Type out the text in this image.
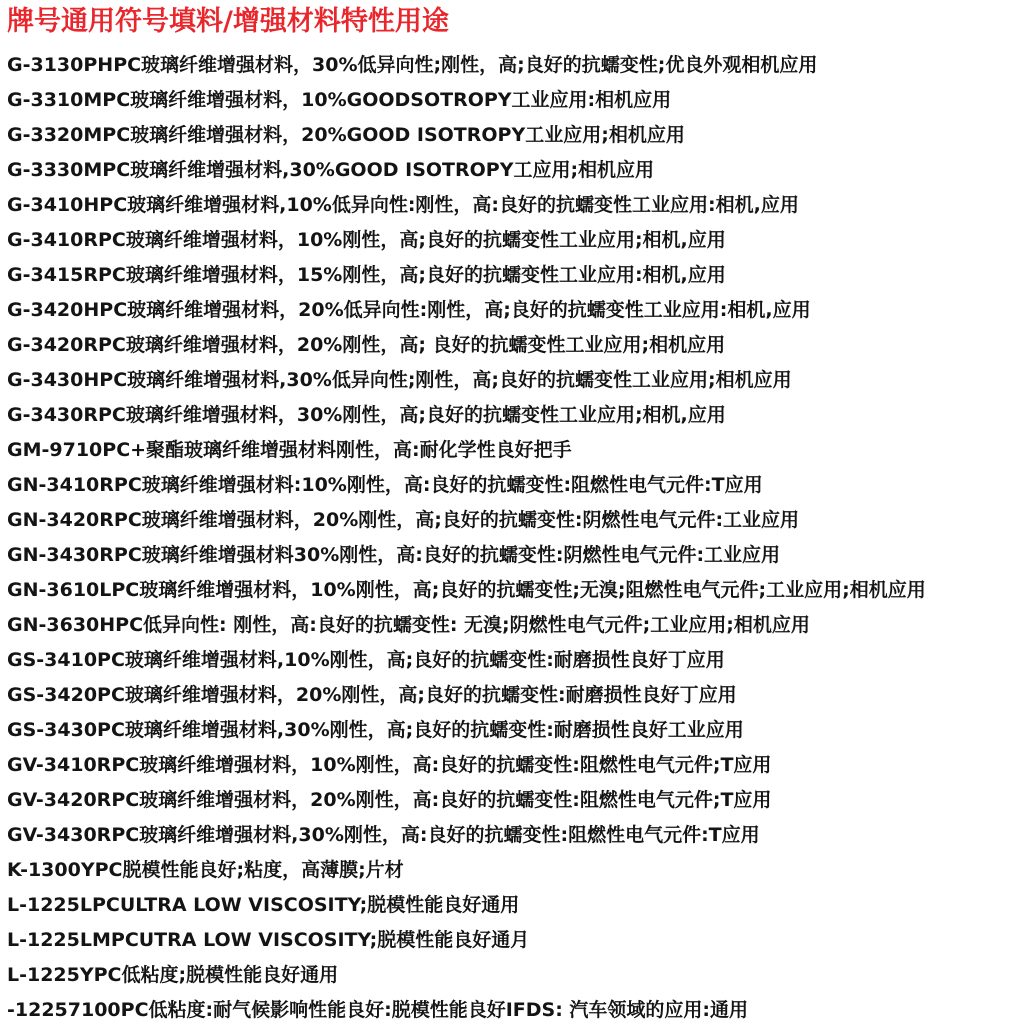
牌号通用符号填料/增强材料特性用途
G-3130PHPC玻璃纤维增强材料，30%低异向性;刚性，高;良好的抗蠕变性;优良外观相机应用
G-3310MPC玻璃纤维增强材料，10%GOODSOTROPY工业应用:相机应用
G-3320MPC玻璃纤维增强材料，20%GOOD ISOTROPY工业应用;相机应用
G-3330MPC玻璃纤维增强材料,30%GOOD ISOTROPY工应用;相机应用
G-3410HPC玻璃纤维增强材料,10%低异向性:刚性，高:良好的抗蠕变性工业应用:相机,应用
G-3410RPC玻璃纤维增强材料，10%刚性，高;良好的抗蠕变性工业应用;相机,应用
G-3415RPC玻璃纤维增强材料，15%刚性，高;良好的抗蠕变性工业应用:相机,应用
G-3420HPC玻璃纤维增强材料，20%低异向性:刚性，高;良好的抗蠕变性工业应用:相机,应用
G-3420RPC玻璃纤维增强材料，20%刚性，高; 良好的抗蠕变性工业应用;相机应用
G-3430HPC玻璃纤维增强材料,30%低异向性;刚性，高;良好的抗蠕变性工业应用;相机应用
G-3430RPC玻璃纤维增强材料，30%刚性，高;良好的抗蠕变性工业应用;相机,应用
GM-9710PC+聚酯玻璃纤维增强材料刚性，高:耐化学性良好把手
GN-3410RPC玻璃纤维增强材料:10%刚性，高:良好的抗蠕变性:阻燃性电气元件:T应用
GN-3420RPC玻璃纤维增强材料，20%刚性，高;良好的抗蠕变性:阴燃性电气元件:工业应用
GN-3430RPC玻璃纤维增强材料30%刚性，高:良好的抗蠕变性:阴燃性电气元件:工业应用
GN-3610LPC玻璃纤维增强材料，10%刚性，高;良好的抗蠕变性;无溴;阻燃性电气元件;工业应用;相机应用
GN-3630HPC低异向性: 刚性，高:良好的抗蠕变性: 无溴;阴燃性电气元件;工业应用;相机应用
GS-3410PC玻璃纤维增强材料,10%刚性，高;良好的抗蠕变性:耐磨损性良好丁应用
GS-3420PC玻璃纤维增强材料，20%刚性，高;良好的抗蠕变性:耐磨损性良好丁应用
GS-3430PC玻璃纤维增强材料,30%刚性，高;良好的抗蠕变性:耐磨损性良好工业应用
GV-3410RPC玻璃纤维增强材料，10%刚性，高:良好的抗蠕变性:阻燃性电气元件;T应用
GV-3420RPC玻璃纤维增强材料，20%刚性，高:良好的抗蠕变性:阻燃性电气元件;T应用
GV-3430RPC玻璃纤维增强材料,30%刚性，高:良好的抗蠕变性:阻燃性电气元件:T应用
K-1300YPC脱模性能良好;粘度，高薄膜;片材
L-1225LPCULTRA LOW VISCOSITY;脱模性能良好通用
L-1225LMPCUTRA LOW VISCOSITY;脱模性能良好通月
L-1225YPC低粘度;脱模性能良好通用
-12257100PC低粘度:耐气候影响性能良好:脱模性能良好IFDS: 汽车领域的应用:通用
